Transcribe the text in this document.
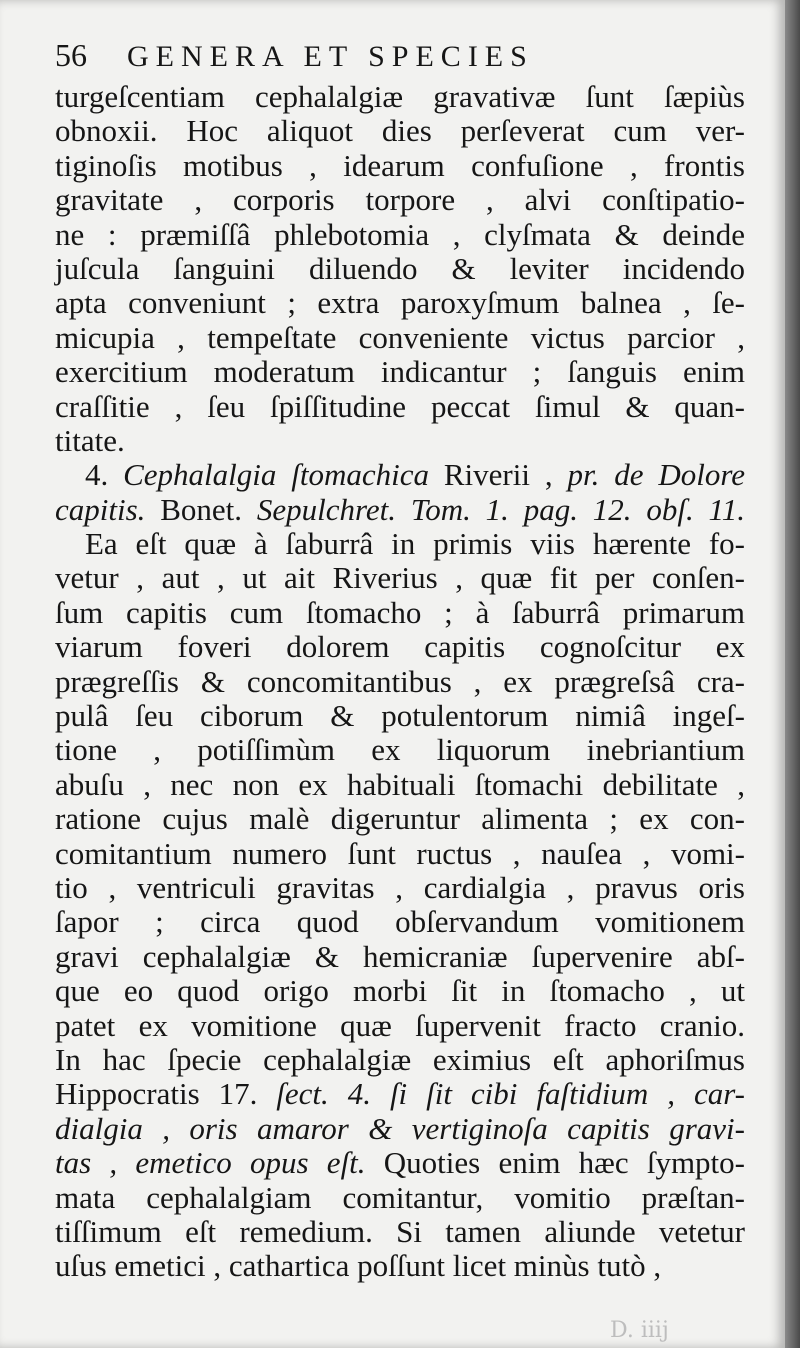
56 GENERA ET SPECIES
turgeſcentiam cephalalgiæ gravativæ ſunt ſæpiùs
obnoxii. Hoc aliquot dies perſeverat cum ver-
tiginoſis motibus , idearum confuſione , frontis
gravitate , corporis torpore , alvi conſtipatio-
ne : præmiſſâ phlebotomia , clyſmata & deinde
juſcula ſanguini diluendo & leviter incidendo
apta conveniunt ; extra paroxyſmum balnea , ſe-
micupia , tempeſtate conveniente victus parcior ,
exercitium moderatum indicantur ; ſanguis enim
craſſitie , ſeu ſpiſſitudine peccat ſimul & quan-
titate.
4. Cephalalgia ſtomachica Riverii , pr. de Dolore
capitis. Bonet. Sepulchret. Tom. 1. pag. 12. obſ. 11.
Ea eſt quæ à ſaburrâ in primis viis hærente fo-
vetur , aut , ut ait Riverius , quæ fit per conſen-
ſum capitis cum ſtomacho ; à ſaburrâ primarum
viarum foveri dolorem capitis cognoſcitur ex
prægreſſis & concomitantibus , ex prægreſsâ cra-
pulâ ſeu ciborum & potulentorum nimiâ ingeſ-
tione , potiſſimùm ex liquorum inebriantium
abuſu , nec non ex habituali ſtomachi debilitate ,
ratione cujus malè digeruntur alimenta ; ex con-
comitantium numero ſunt ructus , nauſea , vomi-
tio , ventriculi gravitas , cardialgia , pravus oris
ſapor ; circa quod obſervandum vomitionem
gravi cephalalgiæ & hemicraniæ ſupervenire abſ-
que eo quod origo morbi ſit in ſtomacho , ut
patet ex vomitione quæ ſupervenit fracto cranio.
In hac ſpecie cephalalgiæ eximius eſt aphoriſmus
Hippocratis 17. ſect. 4. ſi ſit cibi faſtidium , car-
dialgia , oris amaror & vertiginoſa capitis gravi-
tas , emetico opus eſt. Quoties enim hæc ſympto-
mata cephalalgiam comitantur, vomitio præſtan-
tiſſimum eſt remedium. Si tamen aliunde vetetur
uſus emetici , cathartica poſſunt licet minùs tutò ,
D. iiij
